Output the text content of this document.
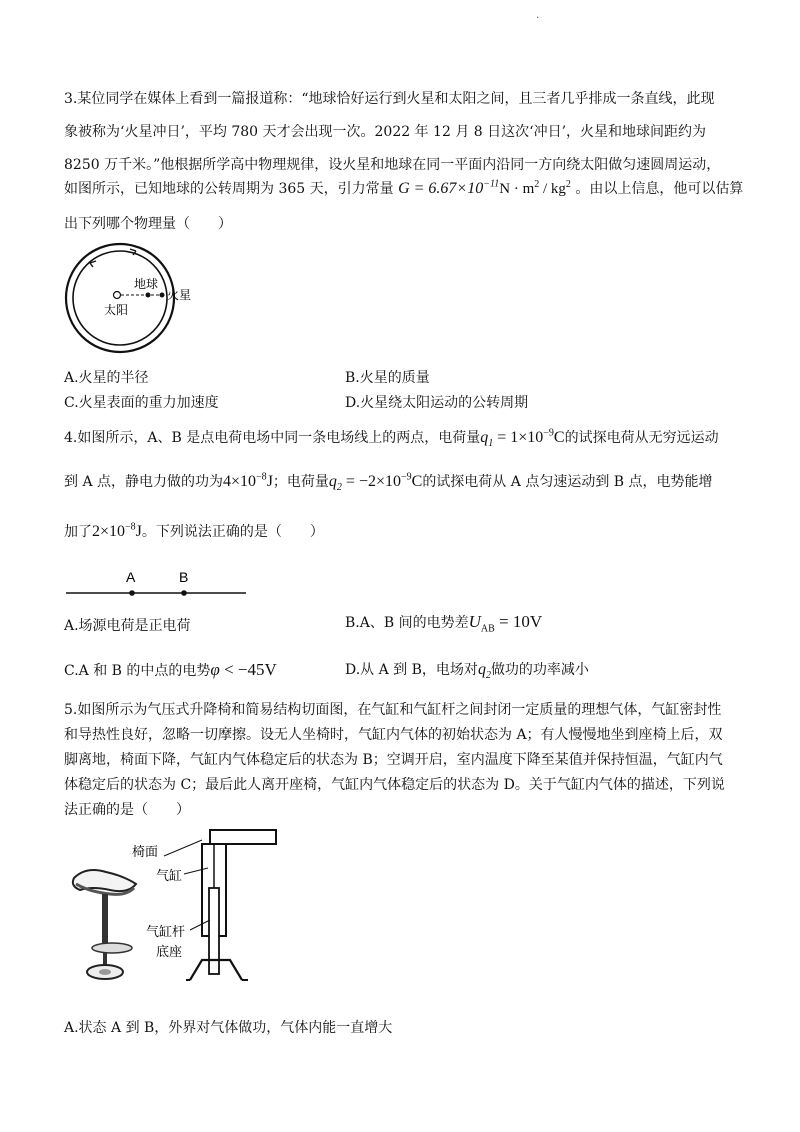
.
3.某位同学在媒体上看到一篇报道称：“地球恰好运行到火星和太阳之间，且三者几乎排成一条直线，此现
象被称为‘火星冲日’，平均 780 天才会出现一次。2022 年 12 月 8 日这次‘冲日’，火星和地球间距约为
8250 万千米。”他根据所学高中物理规律，设火星和地球在同一平面内沿同一方向绕太阳做匀速圆周运动，
如图所示，已知地球的公转周期为 365 天，引力常量 $G = 6.67\times 10^{-11}N \cdot m^2 / kg^2$ 。由以上信息，他可以估算
出下列哪个物理量（　　）
地球
太阳
火星
A.火星的半径	B.火星的质量
C.火星表面的重力加速度	D.火星绕太阳运动的公转周期
4.如图所示，A、B 是点电荷电场中同一条电场线上的两点，电荷量$q_1 = 1\times 10^{-9}C$的试探电荷从无穷远运动
到 A 点，静电力做的功为$4\times 10^{-8}J$；电荷量$q_2 = -2\times 10^{-9}C$的试探电荷从 A 点匀速运动到 B 点，电势能增
加了$2\times 10^{-8}J$。下列说法正确的是（　　）
A	B
A.场源电荷是正电荷	B.A、B 间的电势差$U_{AB} = 10V$
C.A 和 B 的中点的电势φ < −45V	D.从 A 到 B，电场对$q_2$做功的功率减小
5.如图所示为气压式升降椅和简易结构切面图，在气缸和气缸杆之间封闭一定质量的理想气体，气缸密封性
和导热性良好，忽略一切摩擦。设无人坐椅时，气缸内气体的初始状态为 A；有人慢慢地坐到座椅上后，双
脚离地，椅面下降，气缸内气体稳定后的状态为 B；空调开启，室内温度下降至某值并保持恒温，气缸内气
体稳定后的状态为 C；最后此人离开座椅，气缸内气体稳定后的状态为 D。关于气缸内气体的描述，下列说
法正确的是（　　）
椅面
气缸
气缸杆
底座
A.状态 A 到 B，外界对气体做功，气体内能一直增大
